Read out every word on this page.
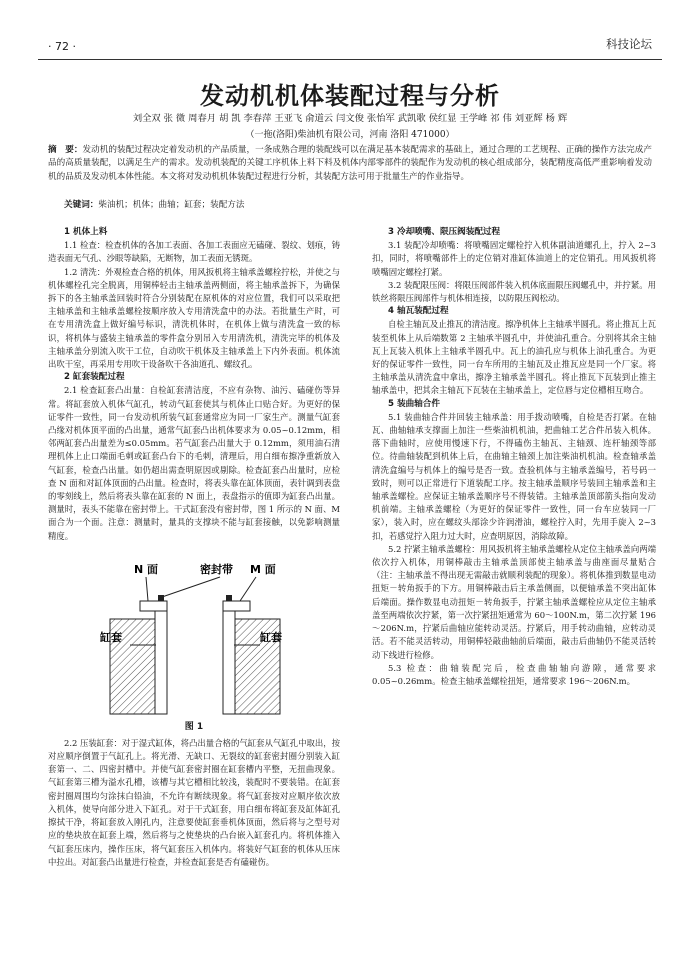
· 72 ·	科技论坛
发动机机体装配过程与分析
刘全双 张 微 周春月 胡 凯 李春萍 王亚飞 俞道云 闫文俊 张怡军 武凯歌 侯红显 王学峰 祁 伟 刘亚辉 杨 辉
（一拖(洛阳)柴油机有限公司，河南 洛阳 471000）
摘　要：发动机的装配过程决定着发动机的产品质量，一条成熟合理的装配线可以在满足基本装配需求的基础上，通过合理的工艺规程、正确的操作方法完成产品的高质量装配，以满足生产的需求。发动机装配的关键工序机体上料下料及机体内部零部件的装配作为发动机的核心组成部分，装配精度高低严重影响着发动机的品质及发动机本体性能。本文将对发动机机体装配过程进行分析，其装配方法可用于批量生产的作业指导。
关键词：柴油机；机体；曲轴；缸套；装配方法
1 机体上料

1.1 检查：检查机体的各加工表面、各加工表面应无磕碰、裂纹、划痕，铸造表面无气孔、沙眼等缺陷，无断物，加工表面无锈斑。

1.2 清洗：外观检查合格的机体，用风扳机将主轴承盖螺栓拧松，并使之与机体螺栓孔完全脱离，用铜棒轻击主轴承盖两侧面，将主轴承盖拆下，为确保拆下的各主轴承盖回装时符合分别装配在原机体的对应位置，我们可以采取把主轴承盖和主轴承盖螺栓按顺序放入专用清洗盒中的办法。若批量生产时，可在专用清洗盒上做好编号标识，清洗机体时，在机体上做与清洗盒一致的标识，将机体与盛装主轴承盖的零件盒分别吊入专用清洗机，清洗完毕的机体及主轴承盖分别流入吹干工位，自动吹干机体及主轴承盖上下内外表面。机体流出吹干室，再采用专用吹干设备吹干各油道孔、螺纹孔。

2 缸套装配过程

2.1 检查缸套凸出量：自检缸套清洁度，不应有杂物、油污、磕碰伤等异常。将缸套放入机体气缸孔，转动气缸套使其与机体止口贴合好。为更好的保证零件一致性，同一台发动机所装气缸套通常应为同一厂家生产。测量气缸套凸缘对机体顶平面的凸出量，通常气缸套凸出机体要求为 0.05~0.12mm，相邻两缸套凸出量差为≤0.05mm。若气缸套凸出量大于 0.12mm，须用油石清理机体上止口端面毛刺或缸套凸台下的毛刺，清理后，用白细布擦净重新放入气缸套，检查凸出量。如仍超出需查明原因或剔除。检查缸套凸出量时，应检查 N 面和对缸体顶面的凸出量。检查时，将表头靠在缸体顶面，表针调到表盘的零刻线上，然后将表头靠在缸套的 N 面上，表盘指示的值即为缸套凸出量。测量时，表头不能靠在密封带上。干式缸套没有密封带，图 1 所示的 N 面、M 面合为一个面。注意：测量时，量具的支撑块不能与缸套接触，以免影响测量精度。

N 面	密封带 M 面
缸套	缸套
图 1

2.2 压装缸套：对于湿式缸体，将凸出量合格的气缸套从气缸孔中取出，按对应顺序倒置于气缸孔上。将光滑、无缺口、无裂纹的缸套密封圈分别装入缸套第一、二、四密封槽中。并使气缸套密封圈在缸套槽内平整，无扭曲现象。气缸套第三槽为溢水孔槽，该槽与其它槽相比较浅，装配时不要装错。在缸套密封圈周围均匀涂抹白铅油，不允许有断续现象。将气缸套按对应顺序依次放入机体，使导向部分进入下缸孔。对于干式缸套，用白细布将缸套及缸体缸孔擦拭干净，将缸套放入刚孔内，注意要使缸套垂机体顶面，然后将与之型号对应的垫块放在缸套上端，然后将与之使垫块的凸台嵌入缸套孔内。将机体推入气缸套压床内，操作压床，将气缸套压入机体内。将装好气缸套的机体从压床中拉出。对缸套凸出量进行检查，并检查缸套是否有磕碰伤。

3 冷却喷嘴、限压阀装配过程

3.1 装配冷却喷嘴：将喷嘴固定螺栓拧入机体副油道螺孔上，拧入 2~3 扣，同时，将喷嘴部件上的定位销对准缸体油道上的定位销孔。用风扳机将喷嘴固定螺栓打紧。

3.2 装配限压阀：将限压阀部件装入机体底面限压阀螺孔中，并拧紧。用铁丝将限压阀部件与机体相连接，以防限压阀松动。

4 轴瓦装配过程

自检主轴瓦及止推瓦的清洁度。擦净机体上主轴承半圆孔。将止推瓦上瓦装至机体上从后端数第 2 主轴承半圆孔中，并使油孔重合。分别将其余主轴瓦上瓦装入机体上主轴承半圆孔中。瓦上的油孔应与机体上油孔重合。为更好的保证零件一致性，同一台车所用的主轴瓦及止推瓦应是同一个厂家。将主轴承盖从清洗盒中拿出，擦净主轴承盖半圆孔。将止推瓦下瓦装到止推主轴承盖中，把其余主轴瓦下瓦装在主轴承盖上，定位唇与定位槽相互吻合。

5 装曲轴合件

5.1 装曲轴合件并回装主轴承盖：用手拨动喷嘴，自检是否打紧。在轴瓦、曲轴轴承支撑面上加注一些柴油机机油，把曲轴工艺合件吊装入机体。落下曲轴时，应使用慢速下行，不得磕伤主轴瓦、主轴颈、连杆轴颈等部位。待曲轴装配到机体上后，在曲轴主轴颈上加注柴油机机油。检查轴承盖清洗盒编号与机体上的编号是否一致。查验机体与主轴承盖编号，若号码一致时，则可以正常进行下道装配工序。按主轴承盖顺序号装回主轴承盖和主轴承盖螺栓。应保证主轴承盖顺序号不得装错。主轴承盖顶部箭头指向发动机前端。主轴承盖螺栓（为更好的保证零件一致性，同一台车应装同一厂家），装入时，应在螺纹头部涂少许润滑油，螺栓拧入时，先用手旋入 2~3 扣，若感觉拧入阻力过大时，应查明原因，消除故障。

5.2 拧紧主轴承盖螺栓：用风扳机将主轴承盖螺栓从定位主轴承盖向两端依次拧入机体，用铜棒敲击主轴承盖顶部使主轴承盖与曲座面尽量贴合（注：主轴承盖不得出现无需敲击就顺利装配的现象）。将机体推到数显电动扭矩－转角扳手的下方。用铜棒敲击后主承盖侧面，以便轴承盖不突出缸体后端面。操作数显电动扭矩－转角扳手，拧紧主轴承盖螺栓应从定位主轴承盖至两端依次拧紧，第一次拧紧扭矩通常为 60～100N.m，第二次拧紧 196～206N.m，拧紧后曲轴应能转动灵活。拧紧后，用手转动曲轴，应转动灵活。若不能灵活转动，用铜棒轻敲曲轴前后端面，敲击后曲轴仍不能灵活转动下线进行检修。

5.3 检查：曲轴装配完后，检查曲轴轴向游隙，通常要求 0.05~0.26mm。检查主轴承盖螺栓扭矩，通常要求 196～206N.m。
